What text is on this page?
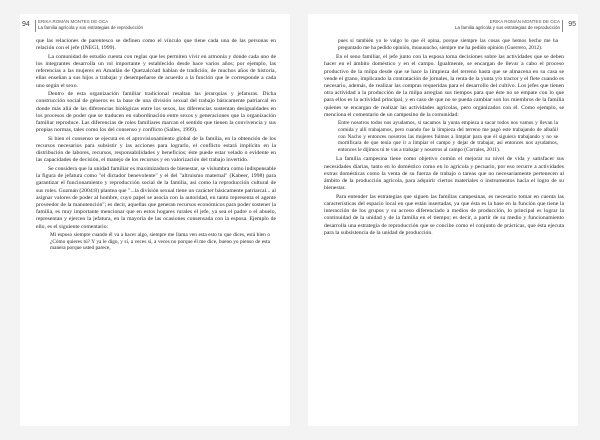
94 ERIKA ROMÁN MONTES DE OCA
La familia agrícola y sus estrategias de reproducción

que las relaciones de parentesco se definen como el vínculo que tiene cada una de las personas en relación con el jefe (INEGI, 1999).

La comunidad de estudio cuenta con reglas que les permiten vivir en armonía y donde cada uno de los integrantes desarrolla un rol importante y establecido desde hace varios años; por ejemplo, las referencias a las mujeres en Amatlán de Quetzalcóatl hablan de tradición, de muchos años de historia, ellas enseñan a sus hijos a trabajar y desempeñarse de acuerdo a la función que le corresponde a cada uno según el sexo.

Dentro de esta organización familiar tradicional resaltan las jerarquías y jefaturas. Dicha construcción social de géneros es la base de una división sexual del trabajo básicamente patriarcal en donde más allá de las diferencias biológicas entre los sexos, las diferencias sustentan desigualdades en los procesos de poder que se traducen en subordinación entre sexos y generaciones que la organización familiar reproduce. Las diferencias de roles familiares marcan el sentido que tienen la convivencia y sus propias normas, tales como los del consenso y conflicto (Salles, 1999).

Si bien el consenso se ejecuta en el aprovisionamiento global de la familia, en la obtención de los recursos necesarios para subsistir y las acciones para lograrlo, el conflicto estará implícito en la distribución de labores, recursos, responsabilidades y beneficios; éste puede estar velado o evidente en las capacidades de decisión, el manejo de los recursos y en valorización del trabajo invertido.

Se considera que la unidad familiar es maximizadora de bienestar, se vislumbra como indispensable la figura de jefatura como "el dictador benevolente" y el del "altruismo maternal" (Kabeer, 1998) para garantizar el funcionamiento y reproducción social de la familia, así como la reproducción cultural de sus roles. Guzmán (2004:8) plantea que "...la división sexual tiene un carácter básicamente patriarcal... al asignar valores de poder al hombre, cuyo papel se asocia con la autoridad, en tanto representa el agente proveedor de la manutención"; es decir, aquellas que generan recursos económicos para poder sostener la familia, es muy importante mencionar que en estos hogares rurales el jefe, ya sea el padre o el abuelo, representan y ejercen la jefatura, en la mayoría de las ocasiones consensada con la esposa. Ejemplo de ello, es el siguiente comentario:

Mi esposo siempre cuando él va a hacer algo, siempre me llama ven esta esto tu que dices, está bien o ¿Cómo quieres tú? Y ya le digo, y sí, a veces sí, a veces no porque él me dice, bueno yo pienso de esta manera porque usted parece,
95
ERIKA ROMÁN MONTES DE OCA
La familia agrícola y sus estrategias de reproducción
pues sí también yo le valgo lo que él opina, porque siempre las cosas que hemos hecho me ha preguntado me ha pedido opinión, muuuuucho, siempre me ha pedido opinión (Guerrero, 2012).

En el seno familiar, el jefe junto con la esposa toma decisiones sobre las actividades que se deben hacer en el ámbito doméstico y en el campo. Igualmente, se encargan de llevar a cabo el proceso productivo de la milpa desde que se hace la limpieza del terreno hasta que se almacena en su casa se vende el grano, implicando la contratación de jornales, la renta de la yunta y/o tractor y el flete cuando es necesario, además, de realizar las compras requeridas para el desarrollo del cultivo. Los jefes que tienen otra actividad a la producción de la milpa arreglan sus tiempos para que éste no se empate con lo que para ellos es la actividad principal, y en caso de que no se pueda cambiar son los miembros de la familia quienes se encargan de realizar las actividades agrícolas, pero organizados con él. Como ejemplo, se menciona el comentario de un campesino de la comunidad:

Entre nosotros todos nos ayudamos, si sacamos la yunta empieza a sacar todos nos vamos y llevan la comida y allí trabajamos, pero cuando fue la limpieza del terreno me pagó este trabajando de albañil con Nacho y entonces nosotros las mujeres fuimos a limpiar para que él siguiera trabajando y no se mortificara de que tenía que ir a limpiar el campo y dejar de trabajar, así entonces nos ayudamos, entonces le dijimos tú te vas a trabajar y nosotros al campo (Corrales, 2011).

La familia campesina tiene como objetivo común el mejorar su nivel de vida y satisfacer sus necesidades diarias, tanto en lo doméstico como en lo agrícola y pecuario, por eso recurre a actividades extras domésticas como la venta de su fuerza de trabajo o tareas que no necesariamente pertenecen al ámbito de la producción agrícola, para adquirir ciertos materiales o instrumentos hacia el logro de su bienestar.

Para entender las estrategias que siguen las familias campesinas, es necesario tomar en cuenta las características del espacio local en que están insertadas, ya que ésta es la base en la función que tiene la interacción de los grupos y su acceso diferenciado a medios de producción, lo principal es lograr la continuidad de la unidad y de la familia en el tiempo; es decir, a partir de su medio y funcionamiento desarrolla una estrategia de reproducción que se concibe como el conjunto de prácticas, que ésta ejecuta para la subsistencia de la unidad de producción.
